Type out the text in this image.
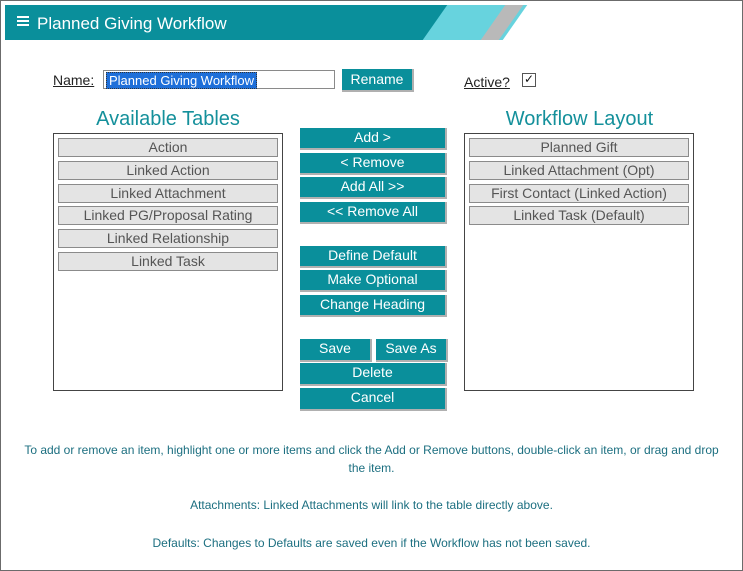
Planned Giving Workflow
Name:	Planned Giving Workflow	Rename	Active? ✓
Available Tables	Workflow Layout
Action
Linked Action
Linked Attachment
Linked PG/Proposal Rating
Linked Relationship
Linked Task
Planned Gift
Linked Attachment (Opt)
First Contact (Linked Action)
Linked Task (Default)
Add >
< Remove
Add All >>
<< Remove All
Define Default
Make Optional
Change Heading
Save	Save As
Delete
Cancel
To add or remove an item, highlight one or more items and click the Add or Remove buttons, double-click an item, or drag and drop the item.
Attachments: Linked Attachments will link to the table directly above.
Defaults: Changes to Defaults are saved even if the Workflow has not been saved.
